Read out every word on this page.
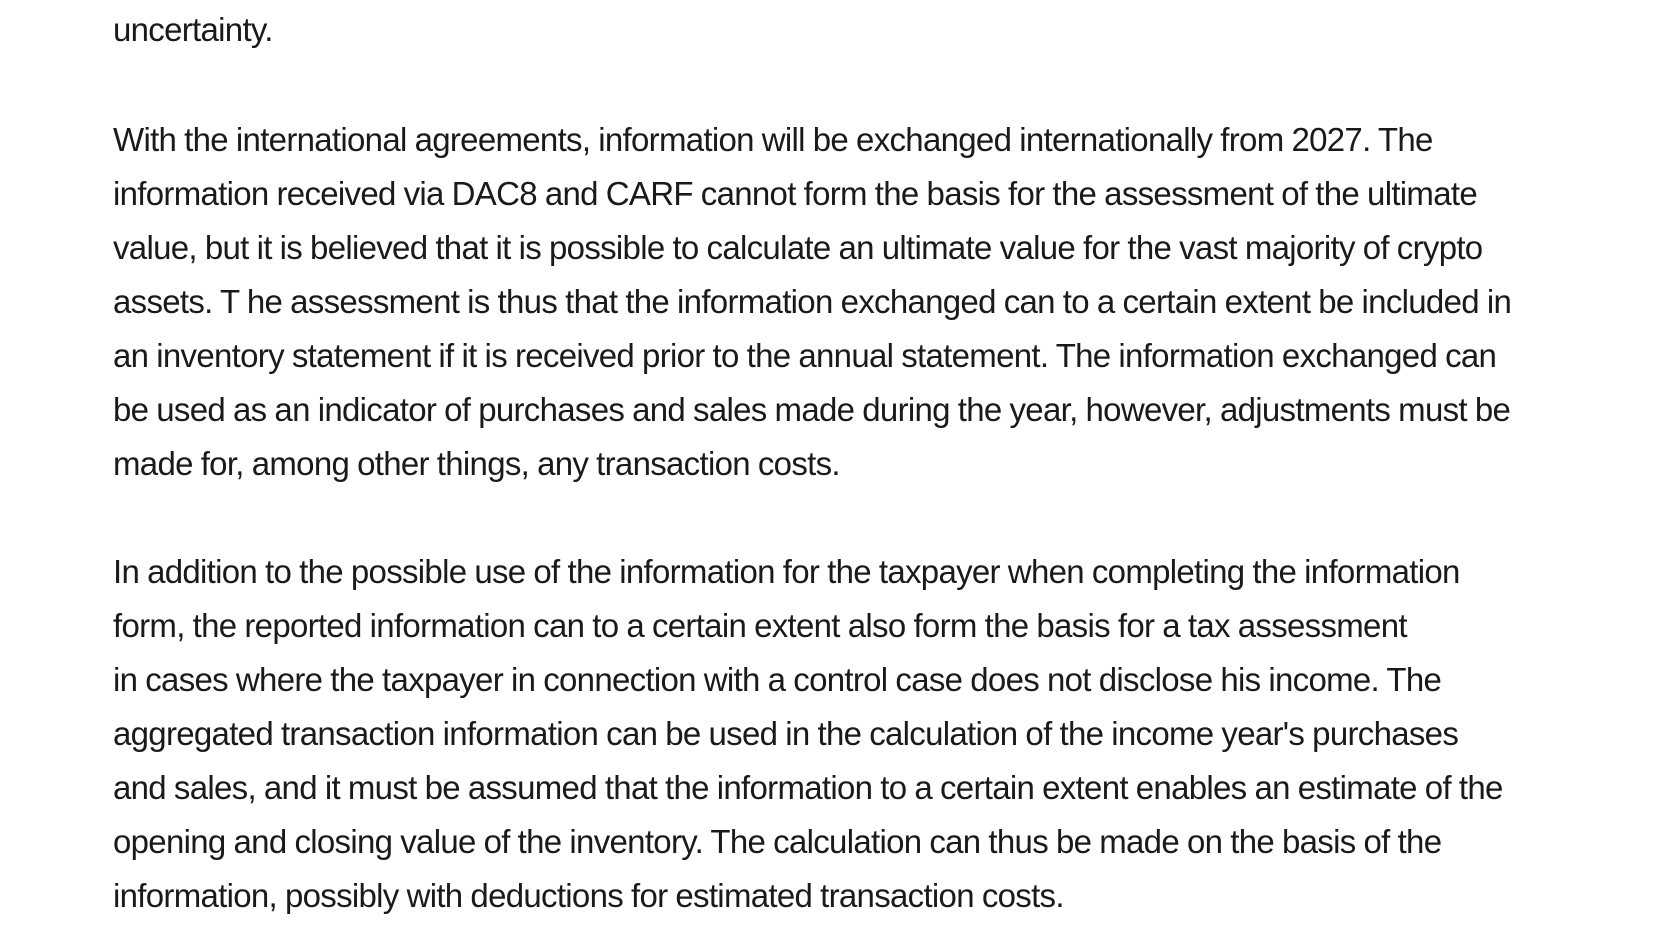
uncertainty.

With the international agreements, information will be exchanged internationally from 2027. The
information received via DAC8 and CARF cannot form the basis for the assessment of the ultimate
value, but it is believed that it is possible to calculate an ultimate value for the vast majority of crypto
assets. T he assessment is thus that the information exchanged can to a certain extent be included in
an inventory statement if it is received prior to the annual statement. The information exchanged can
be used as an indicator of purchases and sales made during the year, however, adjustments must be
made for, among other things, any transaction costs.

In addition to the possible use of the information for the taxpayer when completing the information
form, the reported information can to a certain extent also form the basis for a tax assessment
in cases where the taxpayer in connection with a control case does not disclose his income. The
aggregated transaction information can be used in the calculation of the income year's purchases
and sales, and it must be assumed that the information to a certain extent enables an estimate of the
opening and closing value of the inventory. The calculation can thus be made on the basis of the
information, possibly with deductions for estimated transaction costs.
